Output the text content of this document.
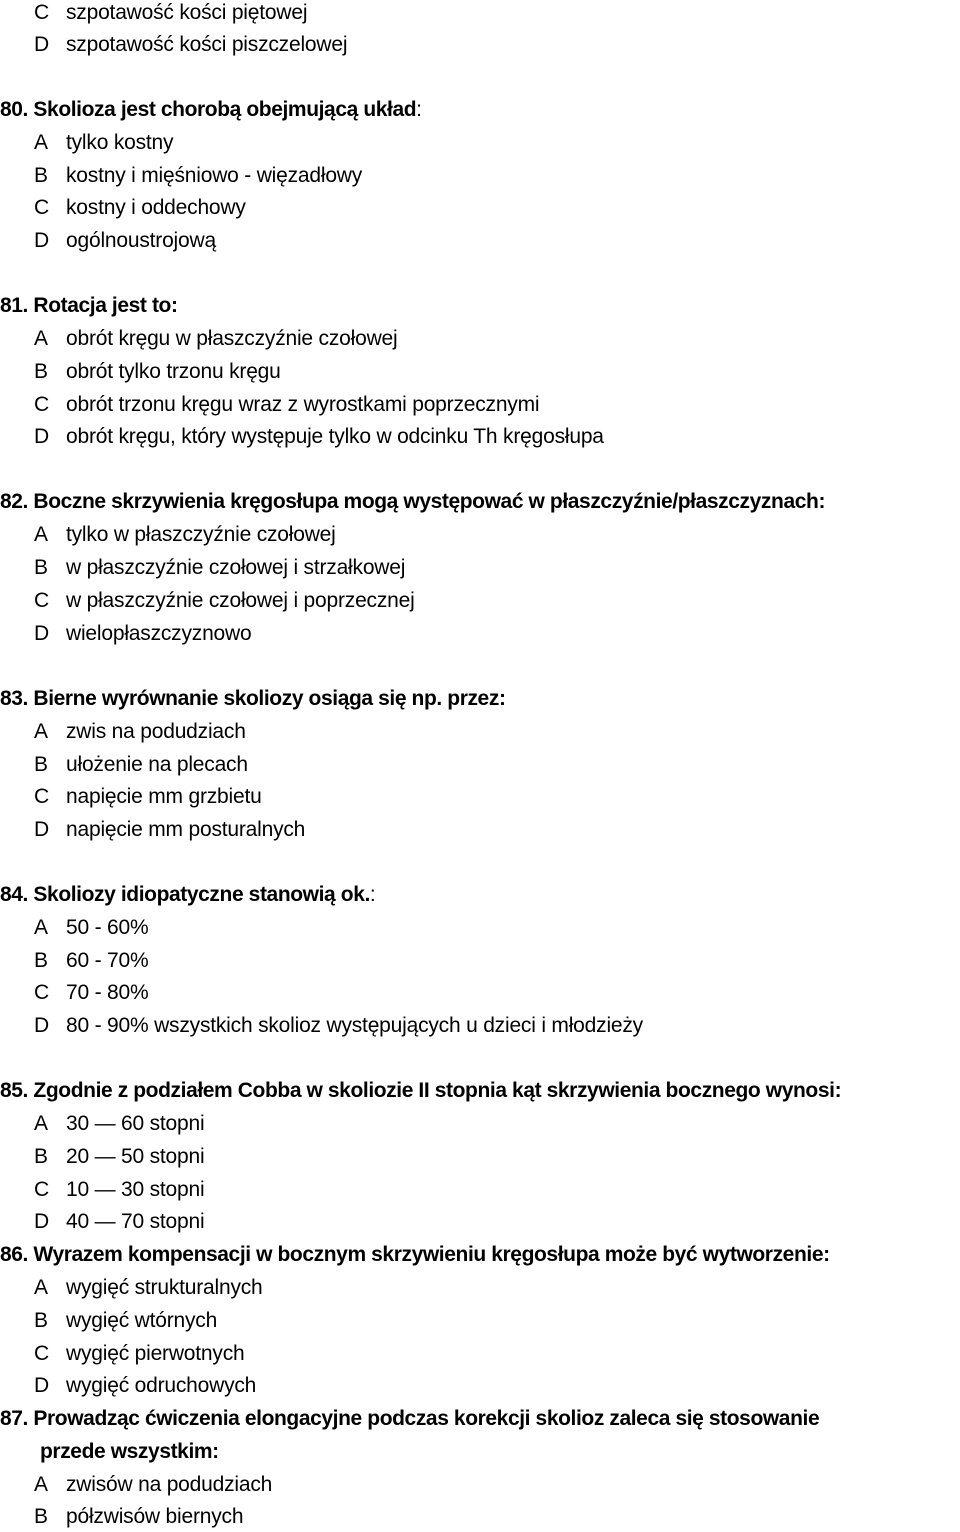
C szpotawość kości piętowej
D szpotawość kości piszczelowej
80. Skolioza jest chorobą obejmującą układ:
A tylko kostny
B kostny i mięśniowo - więzadłowy
C kostny i oddechowy
D ogólnoustrojową
81. Rotacja jest to:
A obrót kręgu w płaszczyźnie czołowej
B obrót tylko trzonu kręgu
C obrót trzonu kręgu wraz z wyrostkami poprzecznymi
D obrót kręgu, który występuje tylko w odcinku Th kręgosłupa
82. Boczne skrzywienia kręgosłupa mogą występować w płaszczyźnie/płaszczyznach:
A tylko w płaszczyźnie czołowej
B w płaszczyźnie czołowej i strzałkowej
C w płaszczyźnie czołowej i poprzecznej
D wielopłaszczyznowo
83. Bierne wyrównanie skoliozy osiąga się np. przez:
A zwis na podudziach
B ułożenie na plecach
C napięcie mm grzbietu
D napięcie mm posturalnych
84. Skoliozy idiopatyczne stanowią ok.:
A 50 - 60%
B 60 - 70%
C 70 - 80%
D 80 - 90% wszystkich skolioz występujących u dzieci i młodzieży
85. Zgodnie z podziałem Cobba w skoliozie II stopnia kąt skrzywienia bocznego wynosi:
A 30 — 60 stopni
B 20 — 50 stopni
C 10 — 30 stopni
D 40 — 70 stopni
86. Wyrazem kompensacji w bocznym skrzywieniu kręgosłupa może być wytworzenie:
A wygięć strukturalnych
B wygięć wtórnych
C wygięć pierwotnych
D wygięć odruchowych
87. Prowadząc ćwiczenia elongacyjne podczas korekcji skolioz zaleca się stosowanie
przede wszystkim:
A zwisów na podudziach
B półzwisów biernych
